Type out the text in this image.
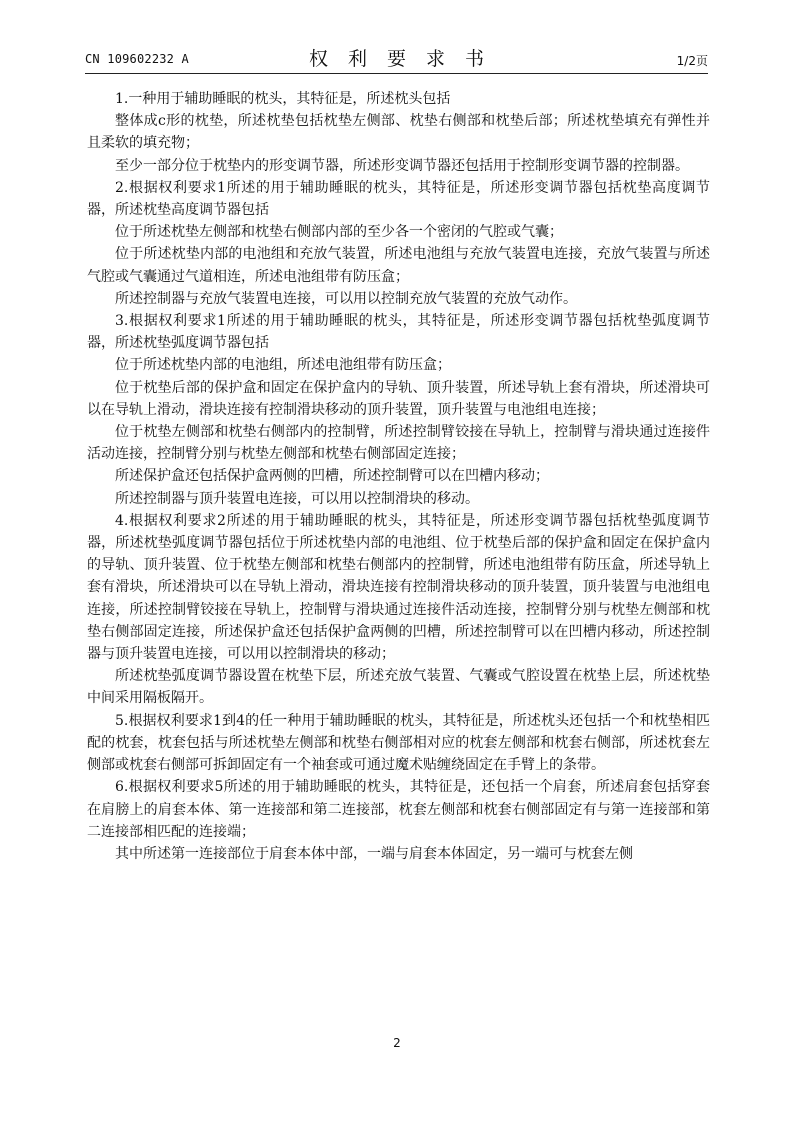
CN 109602232 A	权利要求书	1/2页

1.一种用于辅助睡眠的枕头，其特征是，所述枕头包括

整体成c形的枕垫，所述枕垫包括枕垫左侧部、枕垫右侧部和枕垫后部；所述枕垫填充有弹性并且柔软的填充物；

至少一部分位于枕垫内的形变调节器，所述形变调节器还包括用于控制形变调节器的控制器。

2.根据权利要求1所述的用于辅助睡眠的枕头，其特征是，所述形变调节器包括枕垫高度调节器，所述枕垫高度调节器包括

位于所述枕垫左侧部和枕垫右侧部内部的至少各一个密闭的气腔或气囊；

位于所述枕垫内部的电池组和充放气装置，所述电池组与充放气装置电连接，充放气装置与所述气腔或气囊通过气道相连，所述电池组带有防压盒；

所述控制器与充放气装置电连接，可以用以控制充放气装置的充放气动作。

3.根据权利要求1所述的用于辅助睡眠的枕头，其特征是，所述形变调节器包括枕垫弧度调节器，所述枕垫弧度调节器包括

位于所述枕垫内部的电池组，所述电池组带有防压盒；

位于枕垫后部的保护盒和固定在保护盒内的导轨、顶升装置，所述导轨上套有滑块，所述滑块可以在导轨上滑动，滑块连接有控制滑块移动的顶升装置，顶升装置与电池组电连接；

位于枕垫左侧部和枕垫右侧部内的控制臂，所述控制臂铰接在导轨上，控制臂与滑块通过连接件活动连接，控制臂分别与枕垫左侧部和枕垫右侧部固定连接；

所述保护盒还包括保护盒两侧的凹槽，所述控制臂可以在凹槽内移动；

所述控制器与顶升装置电连接，可以用以控制滑块的移动。

4.根据权利要求2所述的用于辅助睡眠的枕头，其特征是，所述形变调节器包括枕垫弧度调节器，所述枕垫弧度调节器包括位于所述枕垫内部的电池组、位于枕垫后部的保护盒和固定在保护盒内的导轨、顶升装置、位于枕垫左侧部和枕垫右侧部内的控制臂，所述电池组带有防压盒，所述导轨上套有滑块，所述滑块可以在导轨上滑动，滑块连接有控制滑块移动的顶升装置，顶升装置与电池组电连接，所述控制臂铰接在导轨上，控制臂与滑块通过连接件活动连接，控制臂分别与枕垫左侧部和枕垫右侧部固定连接，所述保护盒还包括保护盒两侧的凹槽，所述控制臂可以在凹槽内移动，所述控制器与顶升装置电连接，可以用以控制滑块的移动；

所述枕垫弧度调节器设置在枕垫下层，所述充放气装置、气囊或气腔设置在枕垫上层，所述枕垫中间采用隔板隔开。

5.根据权利要求1到4的任一种用于辅助睡眠的枕头，其特征是，所述枕头还包括一个和枕垫相匹配的枕套，枕套包括与所述枕垫左侧部和枕垫右侧部相对应的枕套左侧部和枕套右侧部，所述枕套左侧部或枕套右侧部可拆卸固定有一个袖套或可通过魔术贴缠绕固定在手臂上的条带。

6.根据权利要求5所述的用于辅助睡眠的枕头，其特征是，还包括一个肩套，所述肩套包括穿套在肩膀上的肩套本体、第一连接部和第二连接部，枕套左侧部和枕套右侧部固定有与第一连接部和第二连接部相匹配的连接端；

其中所述第一连接部位于肩套本体中部，一端与肩套本体固定，另一端可与枕套左侧

2
